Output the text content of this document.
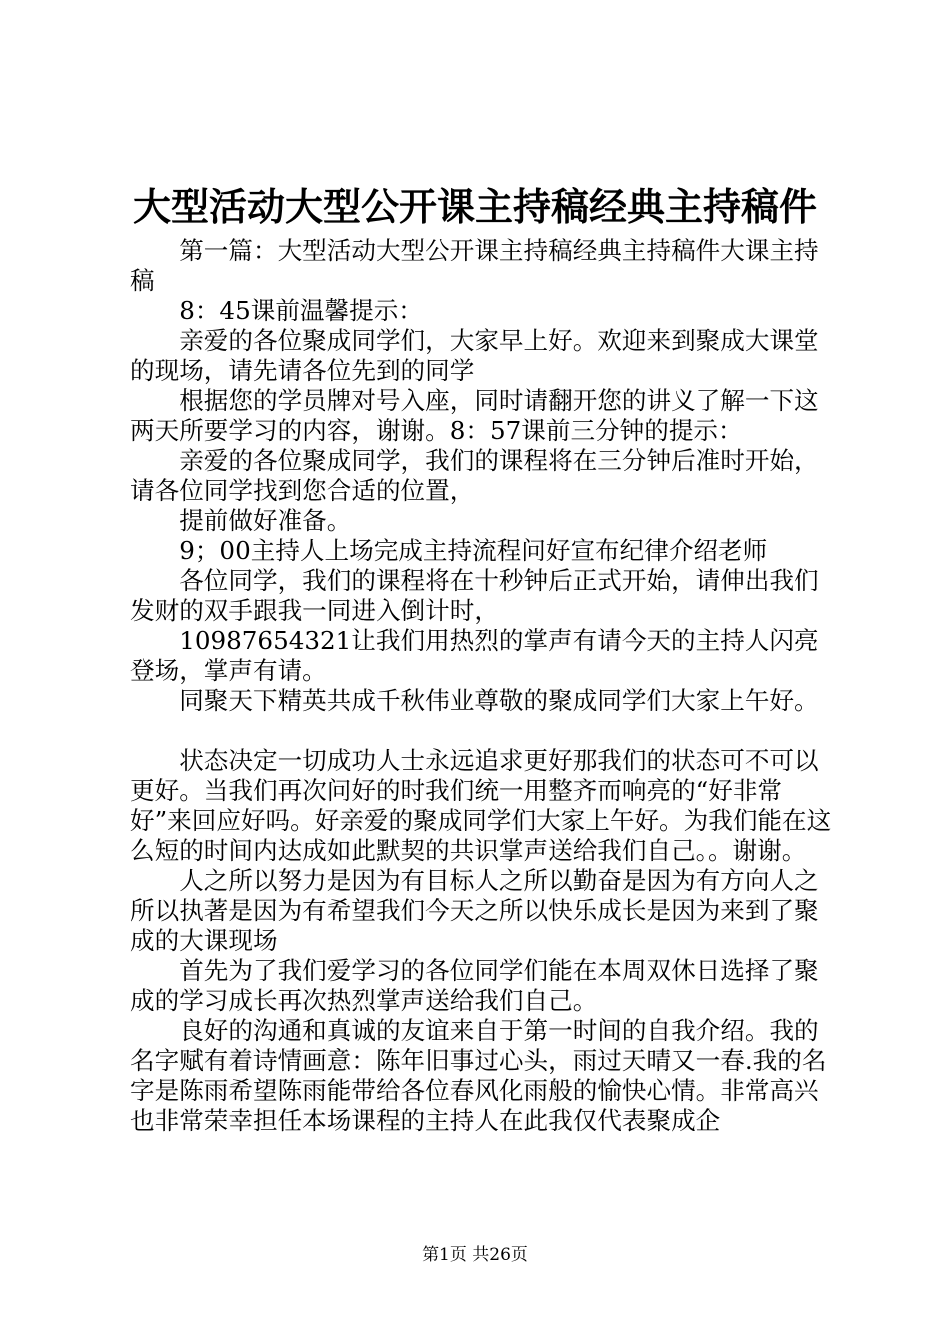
大型活动大型公开课主持稿经典主持稿件

第一篇：大型活动大型公开课主持稿经典主持稿件大课主持稿

8：45课前温馨提示：

亲爱的各位聚成同学们，大家早上好。欢迎来到聚成大课堂的现场，请先请各位先到的同学

根据您的学员牌对号入座，同时请翻开您的讲义了解一下这两天所要学习的内容，谢谢。8：57课前三分钟的提示：

亲爱的各位聚成同学，我们的课程将在三分钟后准时开始，请各位同学找到您合适的位置，

提前做好准备。

9；00主持人上场完成主持流程问好宣布纪律介绍老师

各位同学，我们的课程将在十秒钟后正式开始，请伸出我们发财的双手跟我一同进入倒计时，

10987654321让我们用热烈的掌声有请今天的主持人闪亮登场，掌声有请。

同聚天下精英共成千秋伟业尊敬的聚成同学们大家上午好。

状态决定一切成功人士永远追求更好那我们的状态可不可以更好。当我们再次问好的时我们统一用整齐而响亮的“好非常好”来回应好吗。好亲爱的聚成同学们大家上午好。为我们能在这么短的时间内达成如此默契的共识掌声送给我们自己。。谢谢。

人之所以努力是因为有目标人之所以勤奋是因为有方向人之所以执著是因为有希望我们今天之所以快乐成长是因为来到了聚成的大课现场

首先为了我们爱学习的各位同学们能在本周双休日选择了聚成的学习成长再次热烈掌声送给我们自己。

良好的沟通和真诚的友谊来自于第一时间的自我介绍。我的名字赋有着诗情画意：陈年旧事过心头，雨过天晴又一春.我的名字是陈雨希望陈雨能带给各位春风化雨般的愉快心情。非常高兴也非常荣幸担任本场课程的主持人在此我仅代表聚成企

第1页 共26页
